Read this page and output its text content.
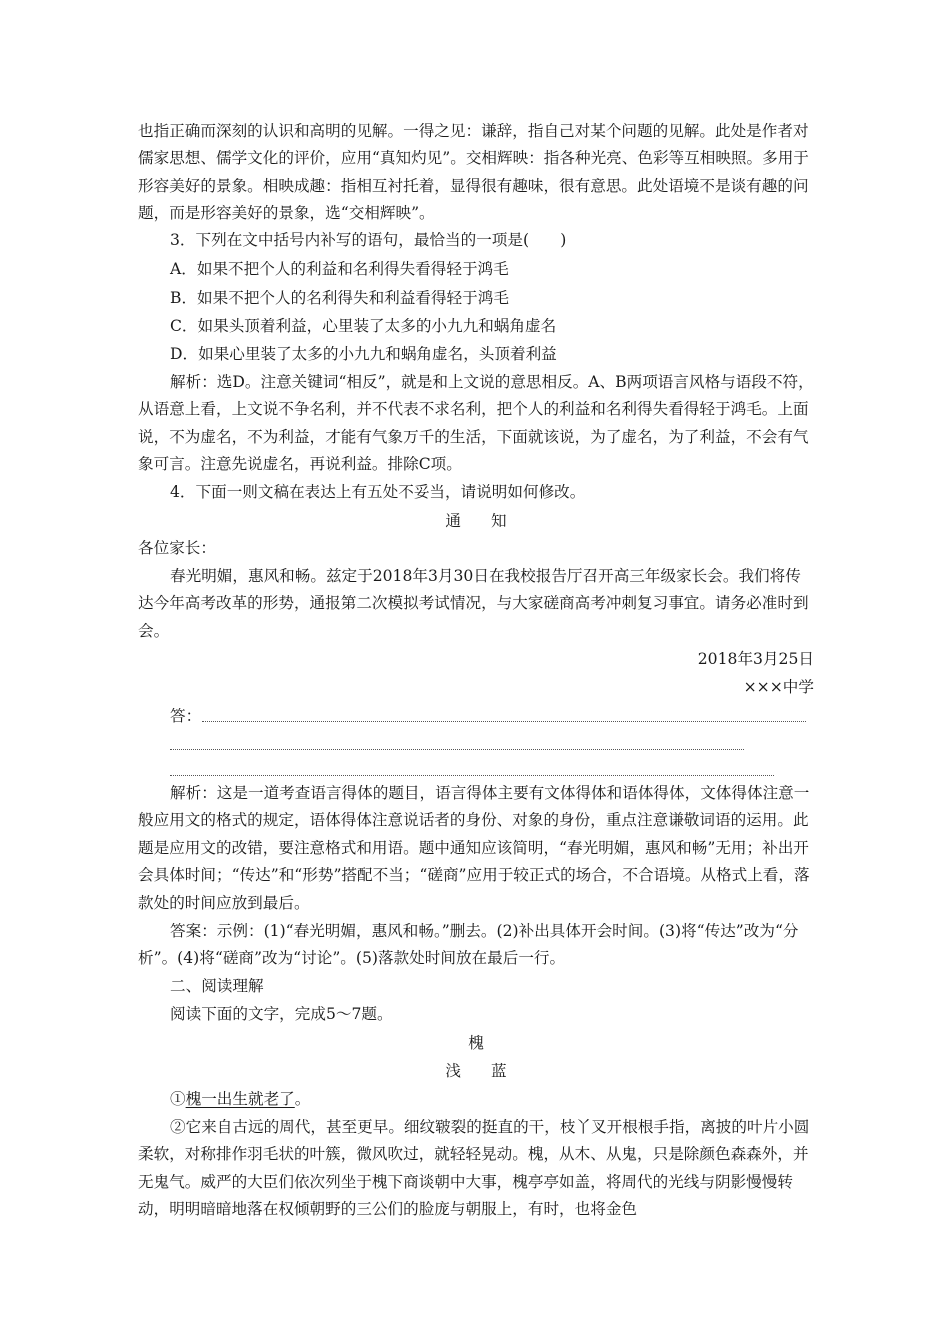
也指正确而深刻的认识和高明的见解。一得之见：谦辞，指自己对某个问题的见解。此处是作者对儒家思想、儒学文化的评价，应用“真知灼见”。交相辉映：指各种光亮、色彩等互相映照。多用于形容美好的景象。相映成趣：指相互衬托着，显得很有趣味，很有意思。此处语境不是谈有趣的问题，而是形容美好的景象，选“交相辉映”。

3．下列在文中括号内补写的语句，最恰当的一项是(　　)

A．如果不把个人的利益和名利得失看得轻于鸿毛

B．如果不把个人的名利得失和利益看得轻于鸿毛

C．如果头顶着利益，心里装了太多的小九九和蜗角虚名

D．如果心里装了太多的小九九和蜗角虚名，头顶着利益

解析：选D。注意关键词“相反”，就是和上文说的意思相反。A、B两项语言风格与语段不符，从语意上看，上文说不争名利，并不代表不求名利，把个人的利益和名利得失看得轻于鸿毛。上面说，不为虚名，不为利益，才能有气象万千的生活，下面就该说，为了虚名，为了利益，不会有气象可言。注意先说虚名，再说利益。排除C项。

4．下面一则文稿在表达上有五处不妥当，请说明如何修改。

通知

各位家长：

春光明媚，惠风和畅。兹定于2018年3月30日在我校报告厅召开高三年级家长会。我们将传达今年高考改革的形势，通报第二次模拟考试情况，与大家磋商高考冲刺复习事宜。请务必准时到会。

2018年3月25日

×××中学

答：

解析：这是一道考查语言得体的题目，语言得体主要有文体得体和语体得体，文体得体注意一般应用文的格式的规定，语体得体注意说话者的身份、对象的身份，重点注意谦敬词语的运用。此题是应用文的改错，要注意格式和用语。题中通知应该简明，“春光明媚，惠风和畅”无用；补出开会具体时间；“传达”和“形势”搭配不当；“磋商”应用于较正式的场合，不合语境。从格式上看，落款处的时间应放到最后。

答案：示例：(1)“春光明媚，惠风和畅。”删去。(2)补出具体开会时间。(3)将“传达”改为“分析”。(4)将“磋商”改为“讨论”。(5)落款处时间放在最后一行。

二、阅读理解

阅读下面的文字，完成5～7题。

槐

浅蓝

①槐一出生就老了。

②它来自古远的周代，甚至更早。细纹皲裂的挺直的干，枝丫叉开根根手指，离披的叶片小圆柔软，对称排作羽毛状的叶簇，微风吹过，就轻轻晃动。槐，从木、从鬼，只是除颜色森森外，并无鬼气。威严的大臣们依次列坐于槐下商谈朝中大事，槐亭亭如盖，将周代的光线与阴影慢慢转动，明明暗暗地落在权倾朝野的三公们的脸庞与朝服上，有时，也将金色
